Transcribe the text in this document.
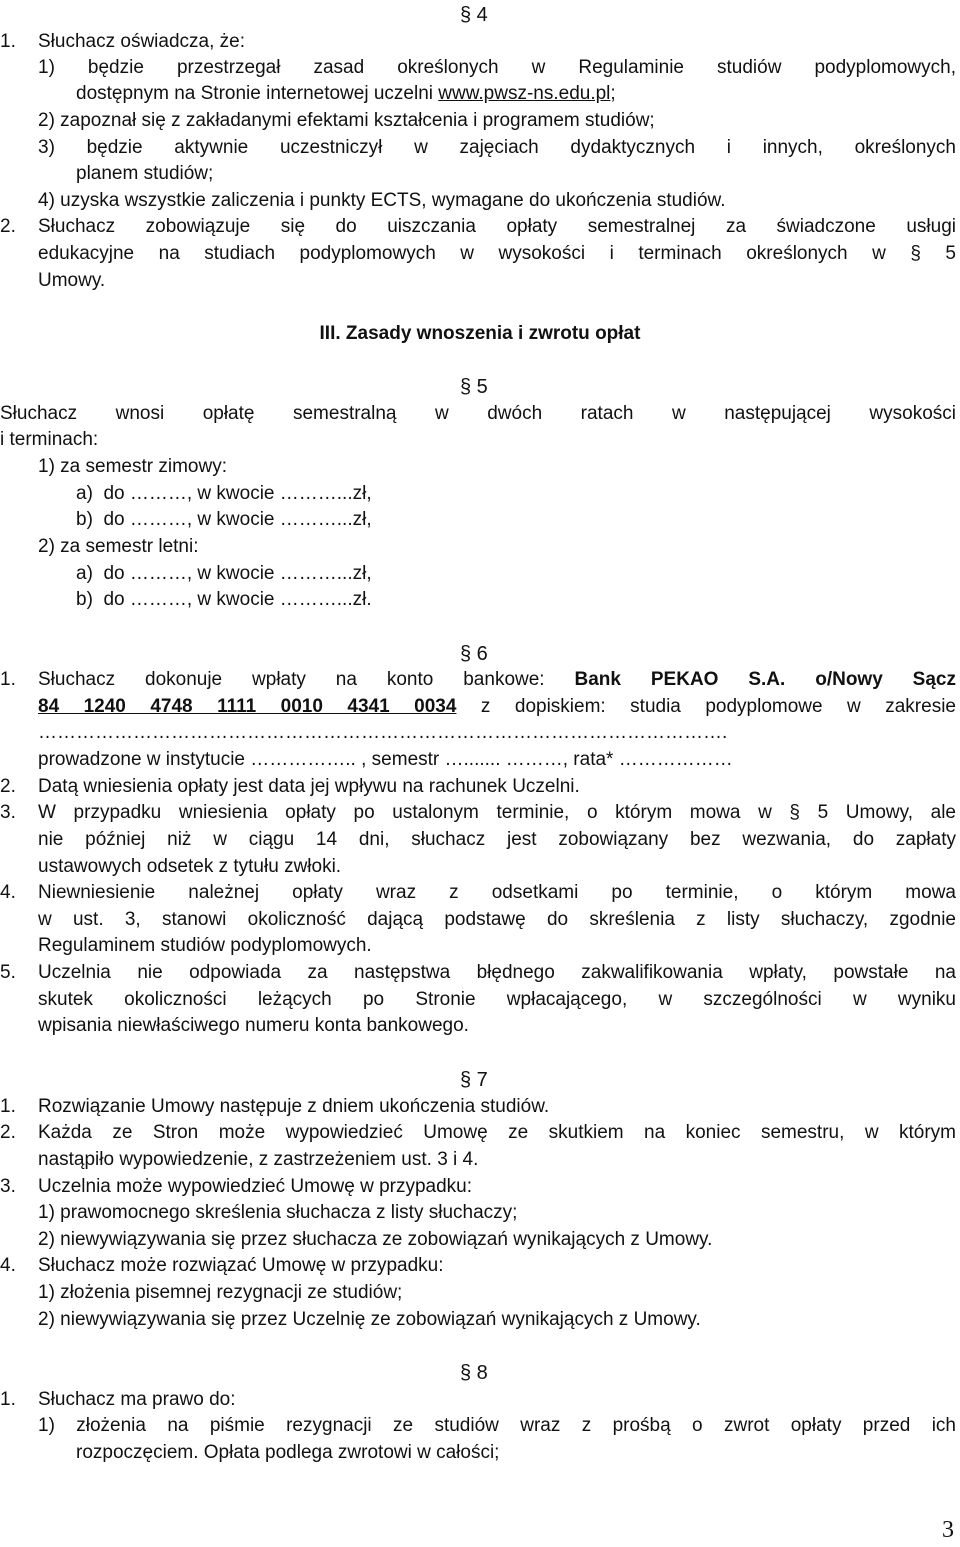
§ 4
1. Słuchacz oświadcza, że:
1) będzie przestrzegał zasad określonych w Regulaminie studiów podyplomowych,
dostępnym na Stronie internetowej uczelni www.pwsz-ns.edu.pl;
2) zapoznał się z zakładanymi efektami kształcenia i programem studiów;
3) będzie aktywnie uczestniczył w zajęciach dydaktycznych i innych, określonych
planem studiów;
4) uzyska wszystkie zaliczenia i punkty ECTS, wymagane do ukończenia studiów.
2. Słuchacz zobowiązuje się do uiszczania opłaty semestralnej za świadczone usługi
edukacyjne na studiach podyplomowych w wysokości i terminach określonych w § 5
Umowy.
III. Zasady wnoszenia i zwrotu opłat
§ 5
Słuchacz wnosi opłatę semestralną w dwóch ratach w następującej wysokości
i terminach:
1) za semestr zimowy:
a)  do ………, w kwocie ………...zł,
b)  do ………, w kwocie ………...zł,
2) za semestr letni:
a)  do ………, w kwocie ………...zł,
b)  do ………, w kwocie ………...zł.
§ 6
1. Słuchacz dokonuje wpłaty na konto bankowe: Bank PEKAO S.A. o/Nowy Sącz
84 1240 4748 1111 0010 4341 0034 z dopiskiem: studia podyplomowe w zakresie
……………………………………………………………………………………………….
prowadzone w instytucie …………….. , semestr …....... ………, rata* ………………
2. Datą wniesienia opłaty jest data jej wpływu na rachunek Uczelni.
3. W przypadku wniesienia opłaty po ustalonym terminie, o którym mowa w § 5 Umowy, ale
nie później niż w ciągu 14 dni, słuchacz jest zobowiązany bez wezwania, do zapłaty
ustawowych odsetek z tytułu zwłoki.
4. Niewniesienie należnej opłaty wraz z odsetkami po terminie, o którym mowa
w ust. 3, stanowi okoliczność dającą podstawę do skreślenia z listy słuchaczy, zgodnie
Regulaminem studiów podyplomowych.
5. Uczelnia nie odpowiada za następstwa błędnego zakwalifikowania wpłaty, powstałe na
skutek okoliczności leżących po Stronie wpłacającego, w szczególności w wyniku
wpisania niewłaściwego numeru konta bankowego.
§ 7
1. Rozwiązanie Umowy następuje z dniem ukończenia studiów.
2. Każda ze Stron może wypowiedzieć Umowę ze skutkiem na koniec semestru, w którym
nastąpiło wypowiedzenie, z zastrzeżeniem ust. 3 i 4.
3. Uczelnia może wypowiedzieć Umowę w przypadku:
1) prawomocnego skreślenia słuchacza z listy słuchaczy;
2) niewywiązywania się przez słuchacza ze zobowiązań wynikających z Umowy.
4. Słuchacz może rozwiązać Umowę w przypadku:
1) złożenia pisemnej rezygnacji ze studiów;
2) niewywiązywania się przez Uczelnię ze zobowiązań wynikających z Umowy.
§ 8
1. Słuchacz ma prawo do:
1) złożenia na piśmie rezygnacji ze studiów wraz z prośbą o zwrot opłaty przed ich
rozpoczęciem. Opłata podlega zwrotowi w całości;
3
